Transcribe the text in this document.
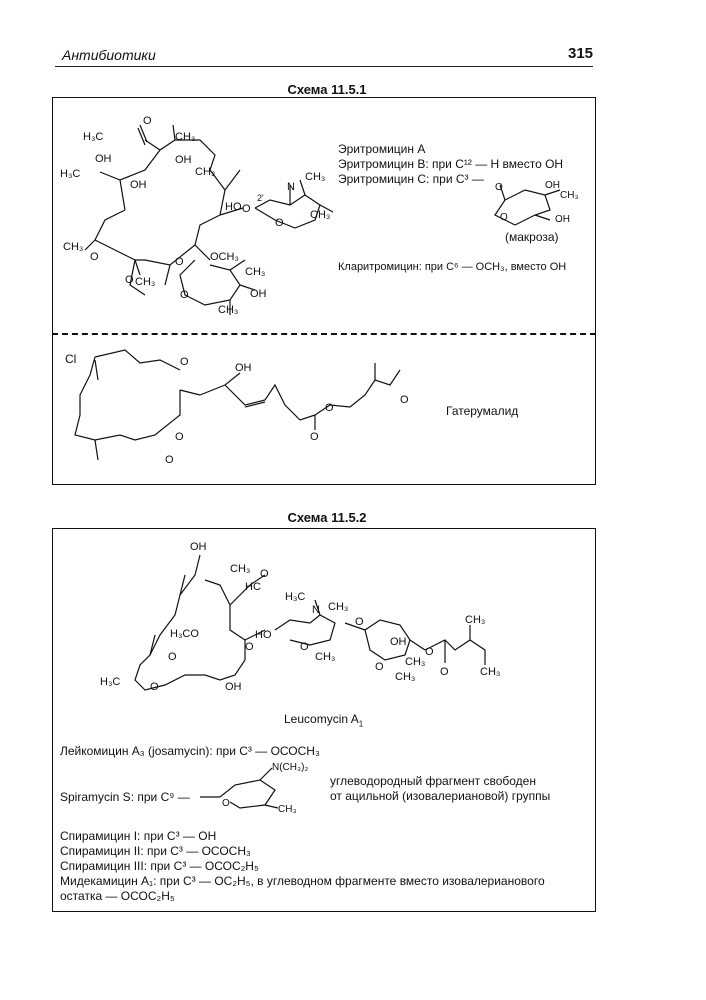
Антибиотики	315
Схема 11.5.1
H₃C
O
CH₃
OH	OH
H₃C
OH
CH₃
HO
2'
N
CH₃
CH₃
CH₃
O
O CH₃
OCH₃
CH₃
OH
CH₃
O
O
O
O
Эритромицин А
Эритромицин В: при С¹² — Н вместо ОН
Эритромицин С: при С³ —
O	OH
CH₃
OH
O
(макроза)
Кларитромицин: при С⁶ — ОСН₃, вместо ОН
Cl	O	OH
O
O
O
O
O
Гатерумалид
Схема 11.5.2
OH
CH₃ O
HC
H₃C
N CH₃
H₃CO	HO
O	O
CH₃
OH
CH₃
O
O
CH₃
O
H₃C	O	OH
O
CH₃
CH₃
O
Leucomycin $A_1$
Лейкомицин А₃ (josamycin): при С³ — ОСОСН₃
Spiramycin S: при С⁹ —
N(CH₃)₂
CH₃
O
углеводородный фрагмент свободен
от ацильной (изовалериановой) группы
Спирамицин I: при С³ — ОН
Спирамицин II: при С³ — ОСОСН₃
Спирамицин III: при С³ — ОСОС₂Н₅
Мидекамицин А₁: при С³ — ОС₂Н₅, в углеводном фрагменте вместо изовалерианового
остатка — ОСОС₂Н₅
